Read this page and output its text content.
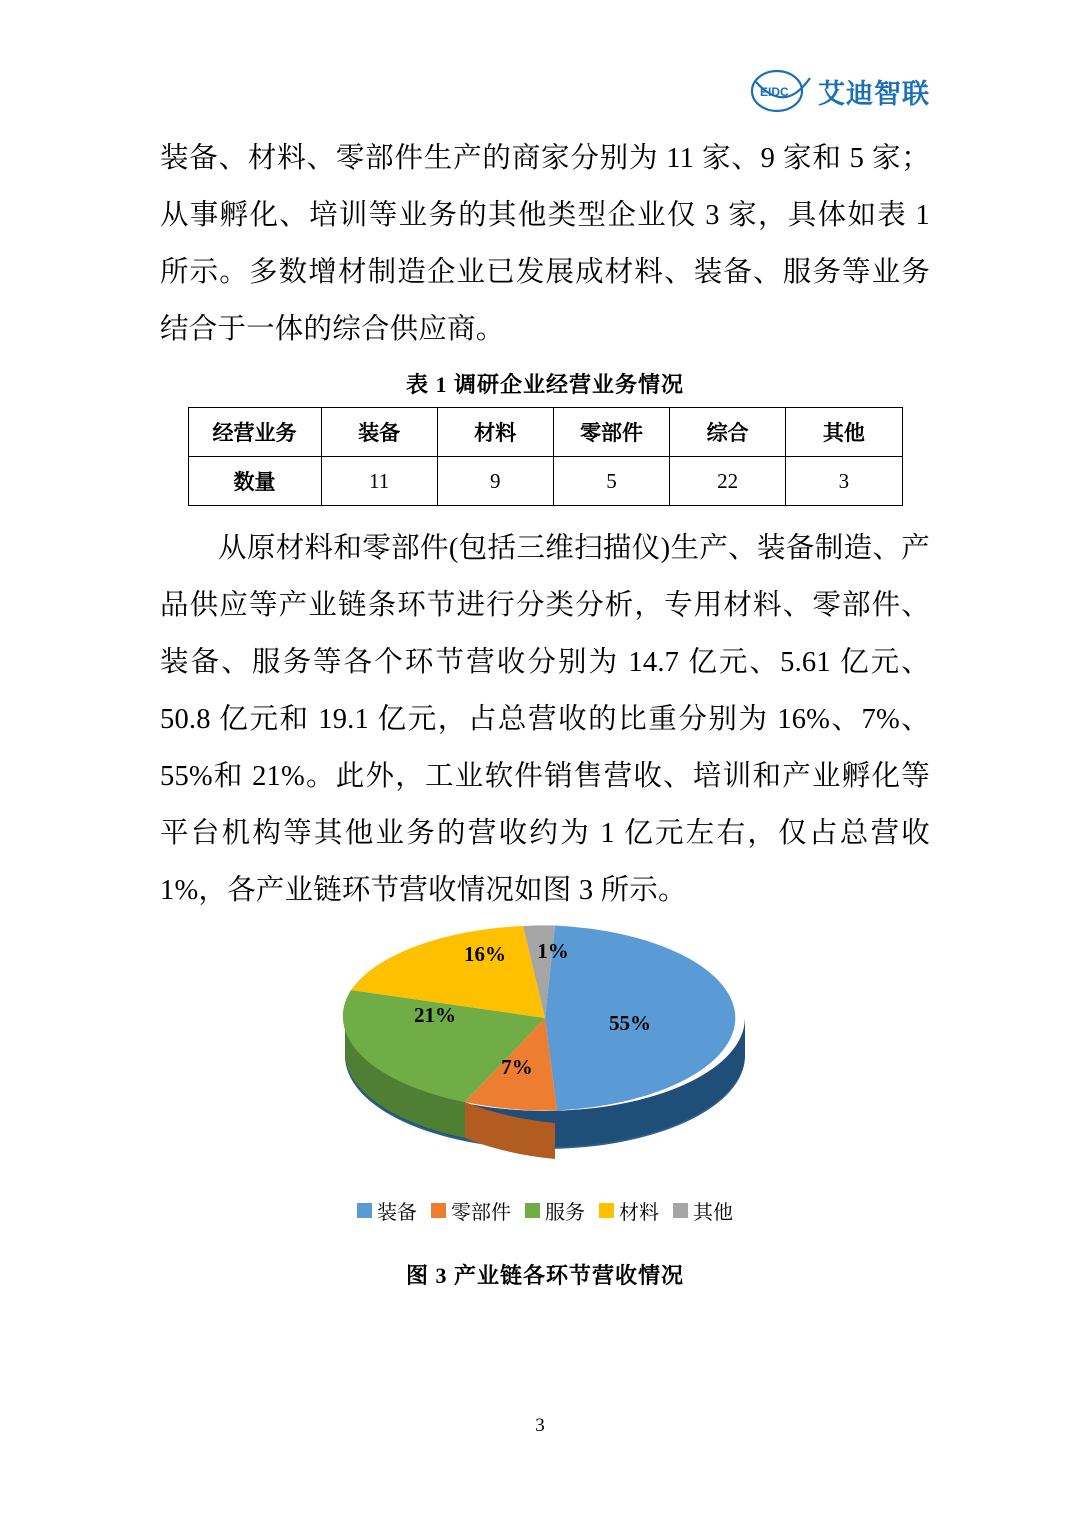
EIDC 艾迪智联

装备、材料、零部件生产的商家分别为 11 家、9 家和 5 家；从事孵化、培训等业务的其他类型企业仅 3 家，具体如表 1 所示。多数增材制造企业已发展成材料、装备、服务等业务结合于一体的综合供应商。

表 1 调研企业经营业务情况
经营业务	装备	材料	零部件	综合	其他
数量	11	9	5	22	3

从原材料和零部件(包括三维扫描仪)生产、装备制造、产品供应等产业链条环节进行分类分析，专用材料、零部件、装备、服务等各个环节营收分别为 14.7 亿元、5.61 亿元、50.8 亿元和 19.1 亿元，占总营收的比重分别为 16%、7%、55%和 21%。此外，工业软件销售营收、培训和产业孵化等平台机构等其他业务的营收约为 1 亿元左右，仅占总营收 1%，各产业链环节营收情况如图 3 所示。

55%
7%
21%
16% 1%
装备 零部件 服务 材料 其他
图 3 产业链各环节营收情况
3
